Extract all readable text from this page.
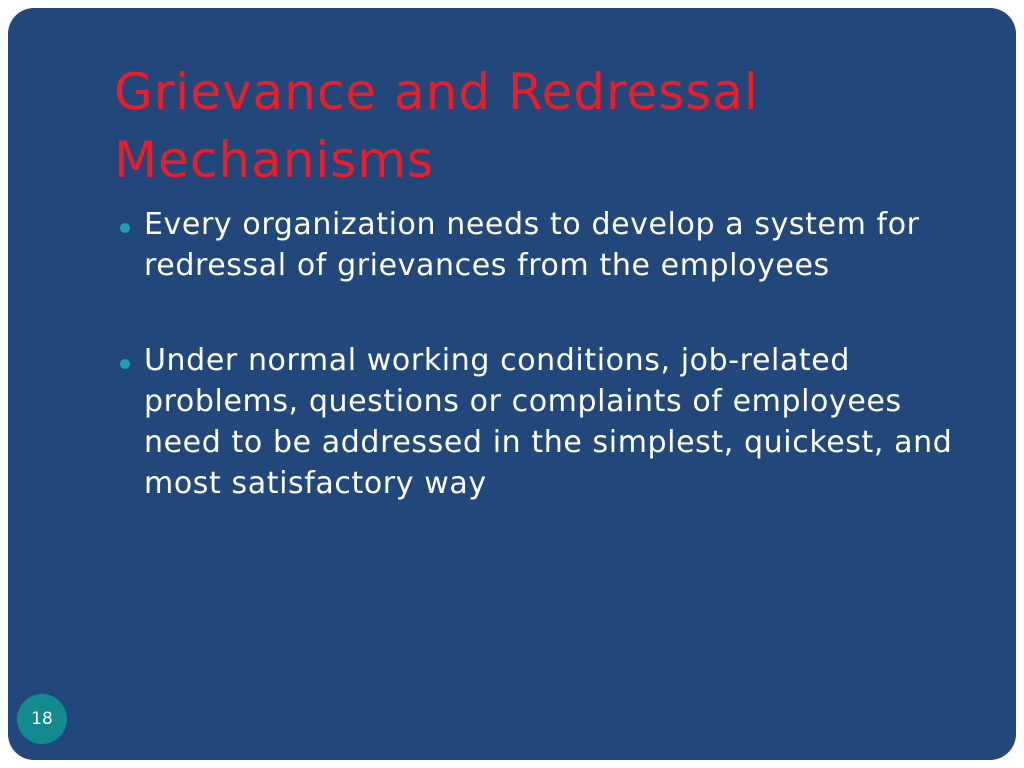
Grievance and Redressal Mechanisms
Every organization needs to develop a system for redressal of grievances from the employees
Under normal working conditions, job-related problems, questions or complaints of employees need to be addressed in the simplest, quickest, and most satisfactory way
18
